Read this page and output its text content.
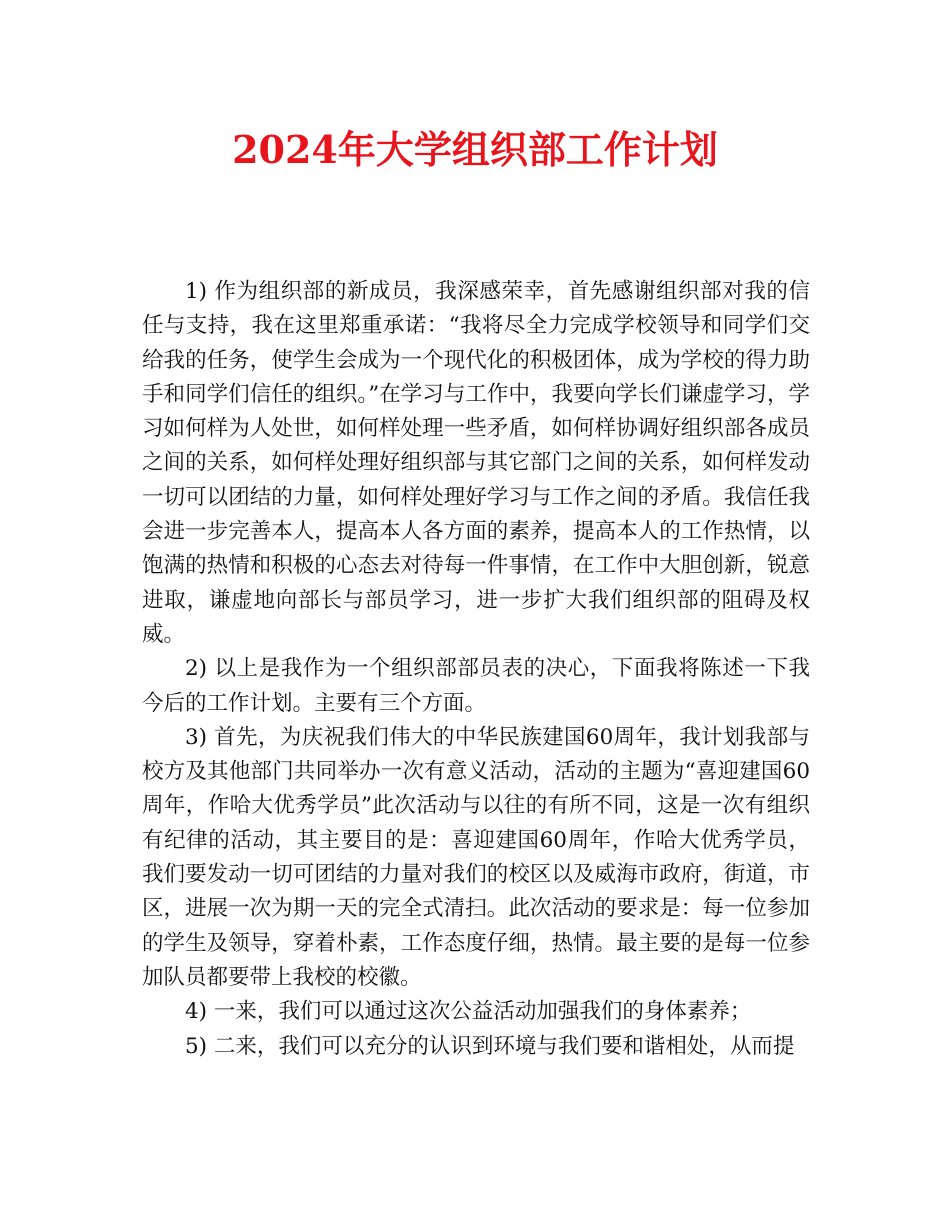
2024年大学组织部工作计划

1) 作为组织部的新成员，我深感荣幸，首先感谢组织部对我的信任与支持，我在这里郑重承诺：“我将尽全力完成学校领导和同学们交给我的任务，使学生会成为一个现代化的积极团体，成为学校的得力助手和同学们信任的组织。”在学习与工作中，我要向学长们谦虚学习，学习如何样为人处世，如何样处理一些矛盾，如何样协调好组织部各成员之间的关系，如何样处理好组织部与其它部门之间的关系，如何样发动一切可以团结的力量，如何样处理好学习与工作之间的矛盾。我信任我会进一步完善本人，提高本人各方面的素养，提高本人的工作热情，以饱满的热情和积极的心态去对待每一件事情，在工作中大胆创新，锐意进取，谦虚地向部长与部员学习，进一步扩大我们组织部的阻碍及权威。

2) 以上是我作为一个组织部部员表的决心，下面我将陈述一下我今后的工作计划。主要有三个方面。

3) 首先，为庆祝我们伟大的中华民族建国60周年，我计划我部与校方及其他部门共同举办一次有意义活动，活动的主题为“喜迎建国60周年，作哈大优秀学员”此次活动与以往的有所不同，这是一次有组织有纪律的活动，其主要目的是：喜迎建国60周年，作哈大优秀学员，我们要发动一切可团结的力量对我们的校区以及威海市政府，街道，市区，进展一次为期一天的完全式清扫。此次活动的要求是：每一位参加的学生及领导，穿着朴素，工作态度仔细，热情。最主要的是每一位参加队员都要带上我校的校徽。

4) 一来，我们可以通过这次公益活动加强我们的身体素养；

5) 二来，我们可以充分的认识到环境与我们要和谐相处，从而提
